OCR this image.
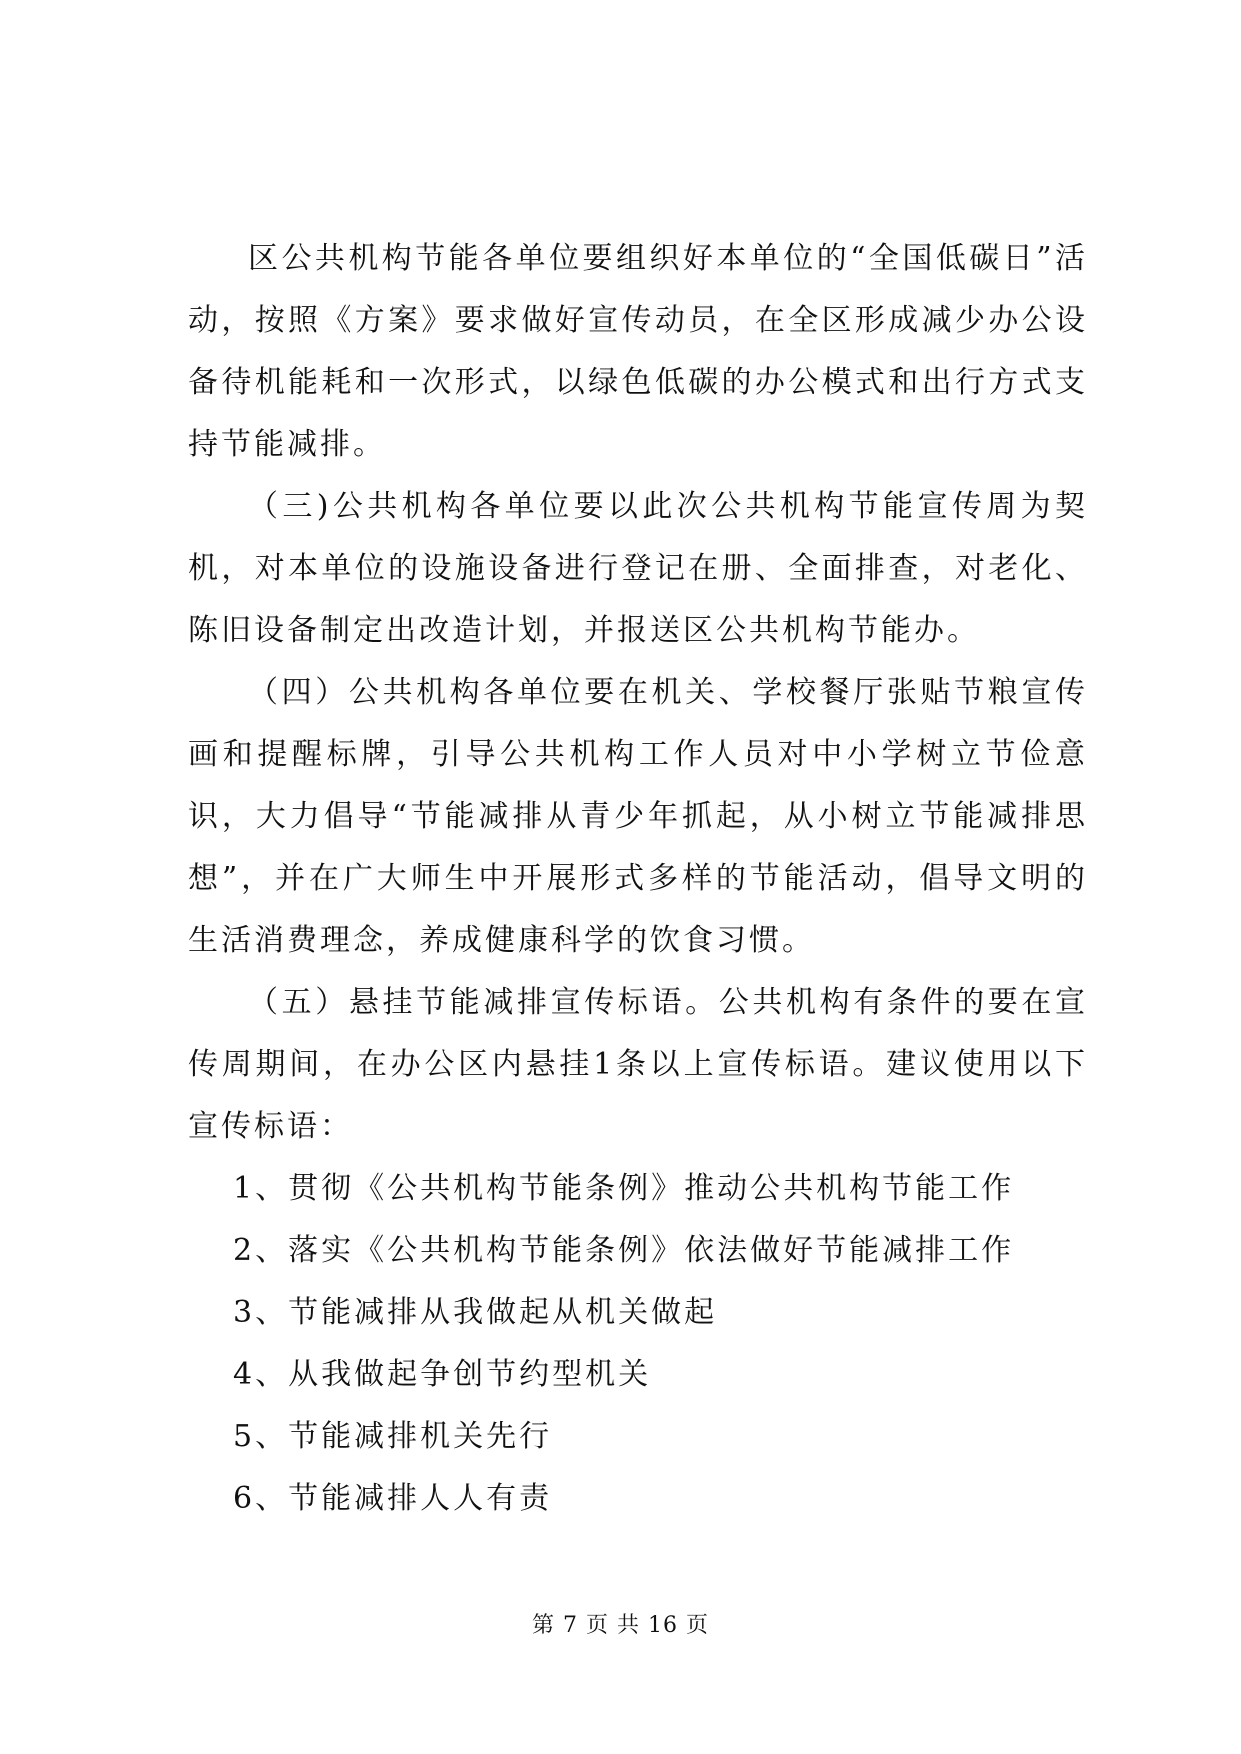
区公共机构节能各单位要组织好本单位的“全国低碳日”活动，按照《方案》要求做好宣传动员，在全区形成减少办公设备待机能耗和一次形式，以绿色低碳的办公模式和出行方式支持节能减排。

（三)公共机构各单位要以此次公共机构节能宣传周为契机，对本单位的设施设备进行登记在册、全面排查，对老化、陈旧设备制定出改造计划，并报送区公共机构节能办。

（四）公共机构各单位要在机关、学校餐厅张贴节粮宣传画和提醒标牌，引导公共机构工作人员对中小学树立节俭意识，大力倡导“节能减排从青少年抓起，从小树立节能减排思想”，并在广大师生中开展形式多样的节能活动，倡导文明的生活消费理念，养成健康科学的饮食习惯。

（五）悬挂节能减排宣传标语。公共机构有条件的要在宣传周期间，在办公区内悬挂1条以上宣传标语。建议使用以下宣传标语：

1、贯彻《公共机构节能条例》推动公共机构节能工作
2、落实《公共机构节能条例》依法做好节能减排工作
3、节能减排从我做起从机关做起
4、从我做起争创节约型机关
5、节能减排机关先行
6、节能减排人人有责
第 7 页 共 16 页
